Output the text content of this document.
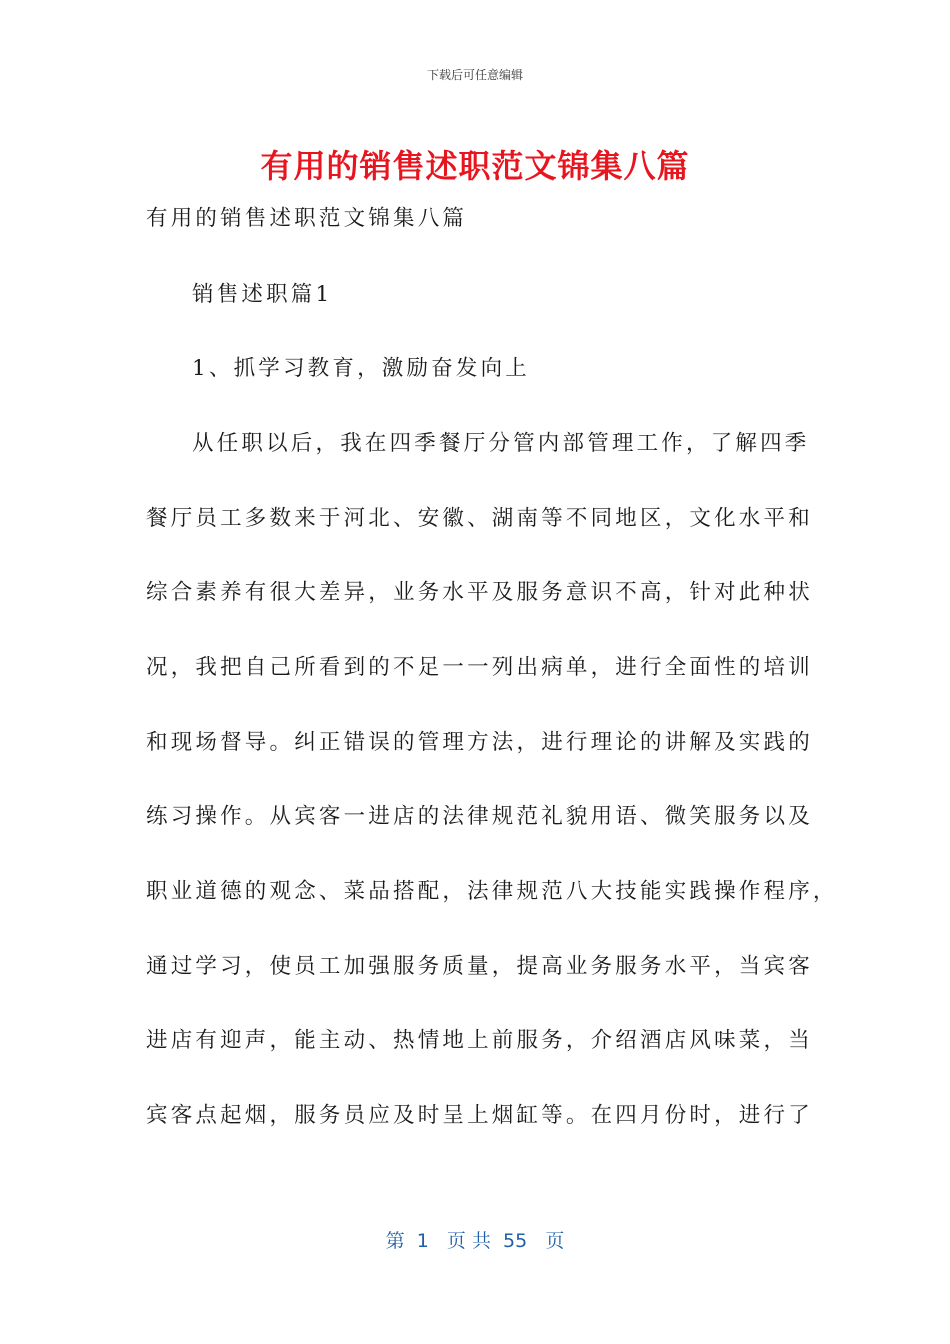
下载后可任意编辑
有用的销售述职范文锦集八篇
有用的销售述职范文锦集八篇
销售述职篇1
1、抓学习教育，激励奋发向上
从任职以后，我在四季餐厅分管内部管理工作，了解四季
餐厅员工多数来于河北、安徽、湖南等不同地区，文化水平和
综合素养有很大差异，业务水平及服务意识不高，针对此种状
况，我把自己所看到的不足一一列出病单，进行全面性的培训
和现场督导。纠正错误的管理方法，进行理论的讲解及实践的
练习操作。从宾客一进店的法律规范礼貌用语、微笑服务以及
职业道德的观念、菜品搭配，法律规范八大技能实践操作程序，
通过学习，使员工加强服务质量，提高业务服务水平，当宾客
进店有迎声，能主动、热情地上前服务，介绍酒店风味菜，当
宾客点起烟，服务员应及时呈上烟缸等。在四月份时，进行了
第  1   页 共  55   页
